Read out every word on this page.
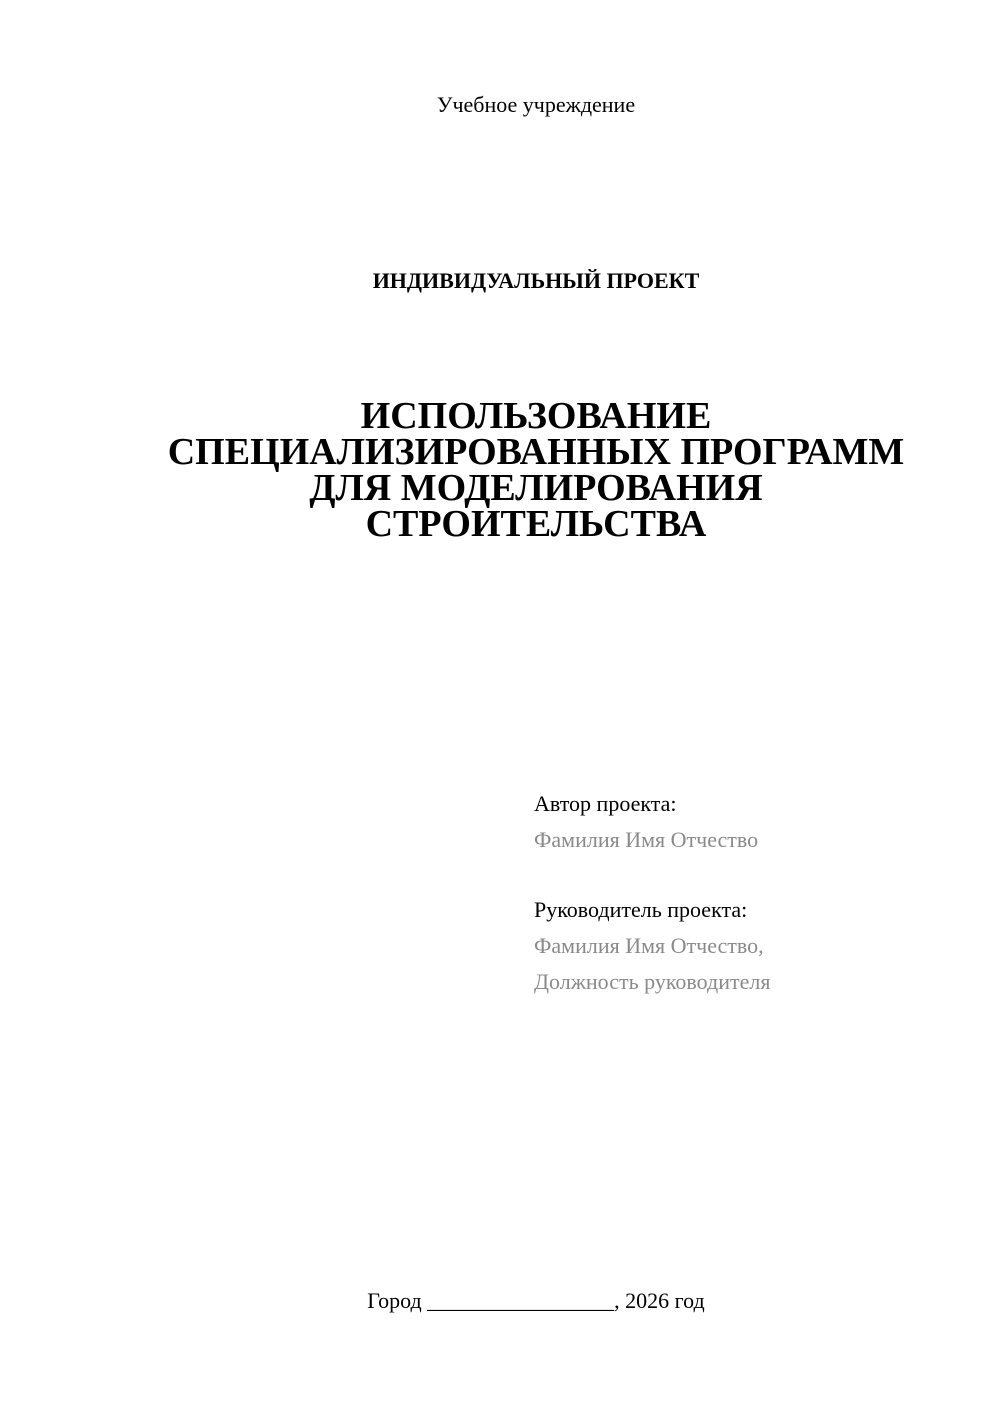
Учебное учреждение
ИНДИВИДУАЛЬНЫЙ ПРОЕКТ
ИСПОЛЬЗОВАНИЕ
СПЕЦИАЛИЗИРОВАННЫХ ПРОГРАММ
ДЛЯ МОДЕЛИРОВАНИЯ
СТРОИТЕЛЬСТВА
Автор проекта:
Фамилия Имя Отчество
Руководитель проекта:
Фамилия Имя Отчество,
Должность руководителя
Город _________________, 2026 год
